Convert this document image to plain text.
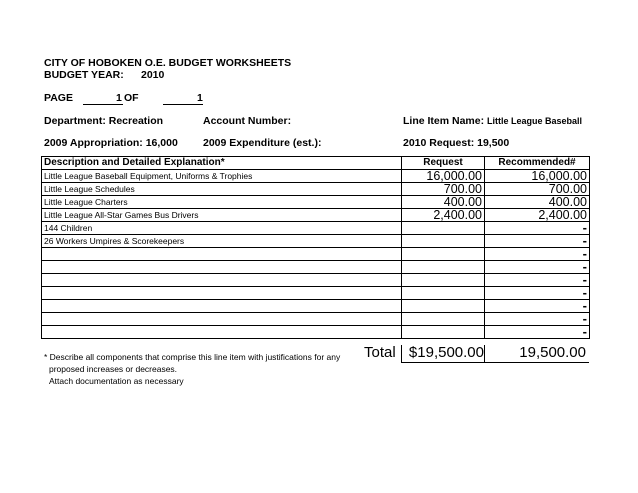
CITY OF HOBOKEN O.E. BUDGET WORKSHEETS
BUDGET YEAR: 2010
PAGE	1 OF	1
Department: Recreation	Account Number:	Line Item Name: Little League Baseball
2009 Appropriation: 16,000 2009 Expenditure (est.):	2010 Request: 19,500
Description and Detailed Explanation*	Request	Recommended#
Little League Baseball Equipment, Uniforms & Trophies	16,000.00	16,000.00
Little League Schedules	700.00	700.00
Little League Charters	400.00	400.00
Little League All-Star Games Bus Drivers	2,400.00	2,400.00
144 Children		-
26 Workers Umpires & Scorekeepers		-
		-
		-
		-
		-
		-
		-
		-
Total $19,500.00	19,500.00
* Describe all components that comprise this line item with justifications for any
proposed increases or decreases.
Attach documentation as necessary
